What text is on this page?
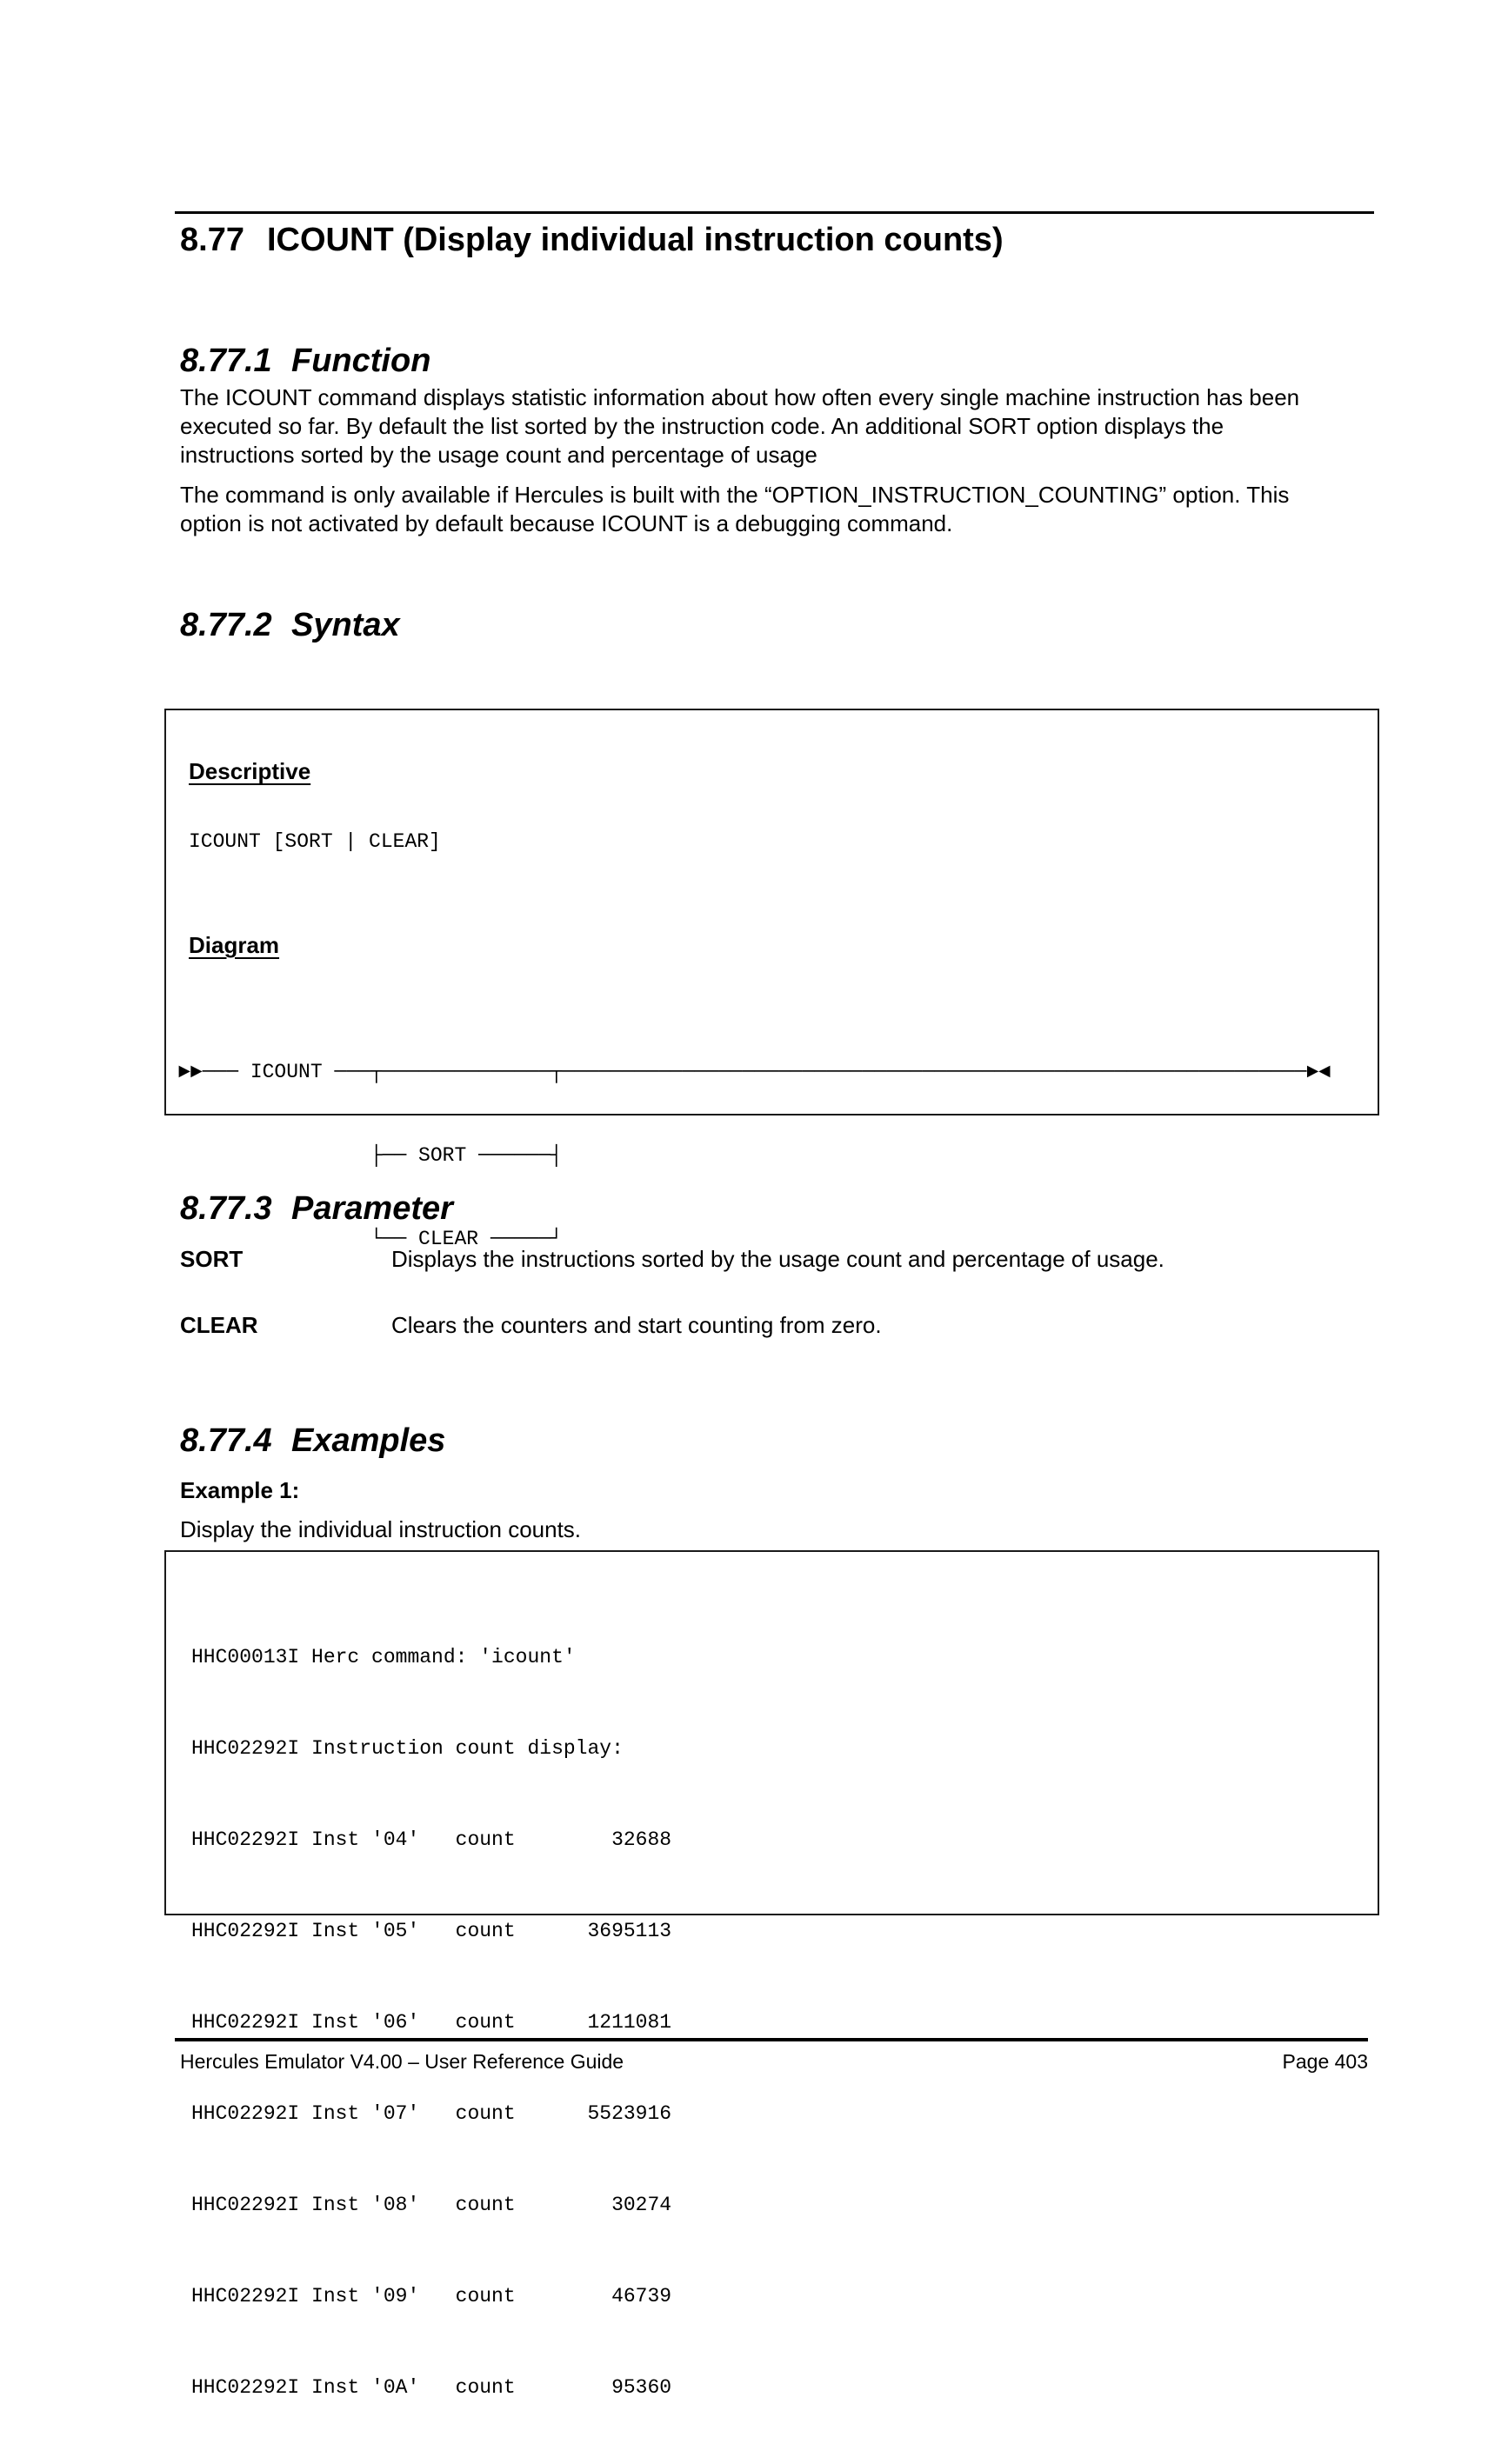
8.77 ICOUNT (Display individual instruction counts)
8.77.1 Function
The ICOUNT command displays statistic information about how often every single machine instruction has been executed so far. By default the list sorted by the instruction code. An additional SORT option displays the instructions sorted by the usage count and percentage of usage
The command is only available if Hercules is built with the “OPTION_INSTRUCTION_COUNTING” option. This option is not activated by default because ICOUNT is a debugging command.
8.77.2 Syntax
Descriptive
ICOUNT [SORT | CLEAR]
Diagram

►►─── ICOUNT ───┬──────────────┬──────────────────────────────────────────────────────────────►◄

├── SORT ──────┤

└── CLEAR ─────┘

8.77.3 Parameter
SORT	Displays the instructions sorted by the usage count and percentage of usage.
CLEAR	Clears the counters and start counting from zero.
8.77.4 Examples
Example 1:
Display the individual instruction counts.

HHC00013I Herc command: 'icount'

HHC02292I Instruction count display:

HHC02292I Inst '04'   count        32688

HHC02292I Inst '05'   count      3695113

HHC02292I Inst '06'   count      1211081

HHC02292I Inst '07'   count      5523916

HHC02292I Inst '08'   count        30274

HHC02292I Inst '09'   count        46739

HHC02292I Inst '0A'   count        95360

Hercules Emulator V4.00 – User Reference Guide	Page 403
